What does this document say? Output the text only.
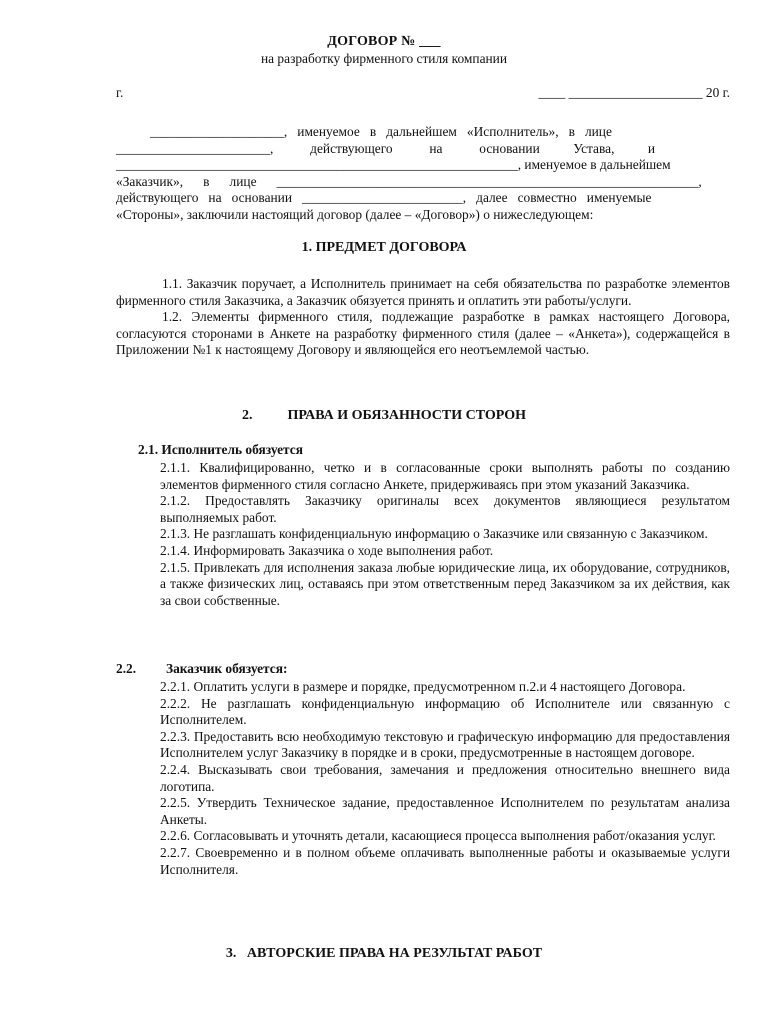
ДОГОВОР № ___
на разработку фирменного стиля компании
г.	____ ____________________ 20 г.
____________________,   именуемое   в   дальнейшем   «Исполнитель»,   в   лице
_______________________,           действующего           на           основании          Устава,          и
____________________________________________________________, именуемое в дальнейшем
«Заказчик»,      в      лице      _______________________________________________________________,
действующего   на   основании   ________________________,   далее   совместно   именуемые
«Стороны», заключили настоящий договор (далее – «Договор») о нижеследующем:
1. ПРЕДМЕТ ДОГОВОРА
1.1. Заказчик поручает, а Исполнитель принимает на себя обязательства по разработке элементов фирменного стиля Заказчика, а Заказчик обязуется принять и оплатить эти работы/услуги.
1.2. Элементы фирменного стиля, подлежащие разработке в рамках настоящего Договора, согласуются сторонами в Анкете на разработку фирменного стиля (далее – «Анкета»), содержащейся в Приложении №1 к настоящему Договору и являющейся его неотъемлемой частью.
2.          ПРАВА И ОБЯЗАННОСТИ СТОРОН
2.1. Исполнитель обязуется
2.1.1. Квалифицированно, четко и в согласованные сроки выполнять работы по созданию элементов фирменного стиля согласно Анкете, придерживаясь при этом указаний Заказчика.
2.1.2. Предоставлять Заказчику оригиналы всех документов являющиеся результатом выполняемых работ.
2.1.3. Не разглашать конфиденциальную информацию о Заказчике или связанную с Заказчиком.
2.1.4. Информировать Заказчика о ходе выполнения работ.
2.1.5. Привлекать для исполнения заказа любые юридические лица, их оборудование, сотрудников, а также физических лиц, оставаясь при этом ответственным перед Заказчиком за их действия, как за свои собственные.
2.2. Заказчик обязуется:
2.2.1. Оплатить услуги в размере и порядке, предусмотренном п.2.и 4 настоящего Договора.
2.2.2. Не разглашать конфиденциальную информацию об Исполнителе или связанную с Исполнителем.
2.2.3. Предоставить всю необходимую текстовую и графическую информацию для предоставления Исполнителем услуг Заказчику в порядке и в сроки, предусмотренные в настоящем договоре.
2.2.4. Высказывать свои требования, замечания и предложения относительно внешнего вида логотипа.
2.2.5. Утвердить Техническое задание, предоставленное Исполнителем по результатам анализа Анкеты.
2.2.6. Согласовывать и уточнять детали, касающиеся процесса выполнения работ/оказания услуг.
2.2.7. Своевременно и в полном объеме оплачивать выполненные работы и оказываемые услуги Исполнителя.
3.   АВТОРСКИЕ ПРАВА НА РЕЗУЛЬТАТ РАБОТ
